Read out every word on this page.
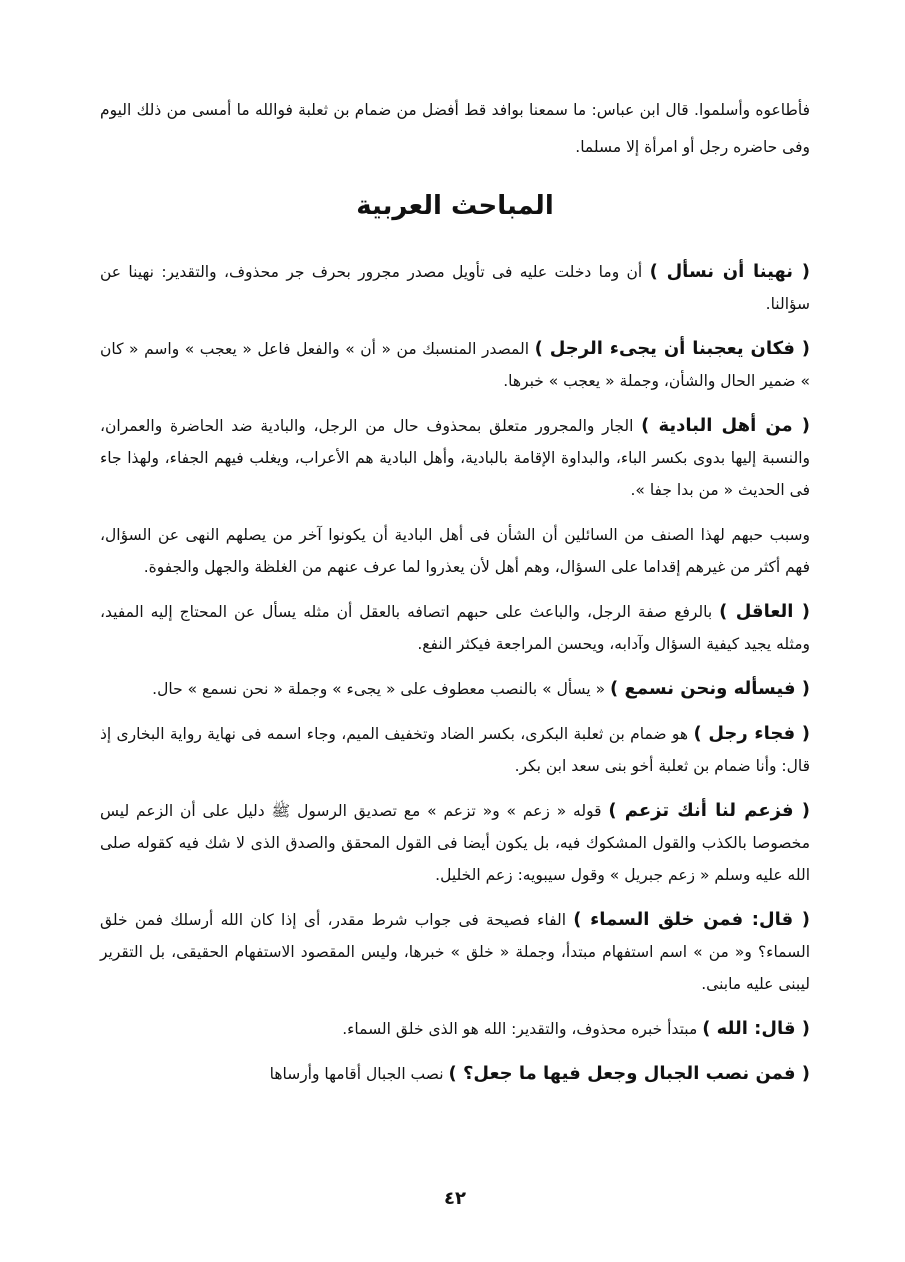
فأطاعوه وأسلموا. قال ابن عباس: ما سمعنا بوافد قط أفضل من ضمام بن ثعلبة فوالله ما أمسى من ذلك اليوم وفى حاضره رجل أو امرأة إلا مسلما.

المباحث العربية

( نهينا أن نسأل ) أن وما دخلت عليه فى تأويل مصدر مجرور بحرف جر محذوف، والتقدير: نهينا عن سؤالنا.

( فكان يعجبنا أن يجىء الرجل ) المصدر المنسبك من « أن » والفعل فاعل « يعجب » واسم « كان » ضمير الحال والشأن، وجملة « يعجب » خبرها.

( من أهل البادية ) الجار والمجرور متعلق بمحذوف حال من الرجل، والبادية ضد الحاضرة والعمران، والنسبة إليها بدوى بكسر الباء، والبداوة الإقامة بالبادية، وأهل البادية هم الأعراب، ويغلب فيهم الجفاء، ولهذا جاء فى الحديث « من بدا جفا ».

وسبب حبهم لهذا الصنف من السائلين أن الشأن فى أهل البادية أن يكونوا آخر من يصلهم النهى عن السؤال، فهم أكثر من غيرهم إقداما على السؤال، وهم أهل لأن يعذروا لما عرف عنهم من الغلظة والجهل والجفوة.

( العاقل ) بالرفع صفة الرجل، والباعث على حبهم اتصافه بالعقل أن مثله يسأل عن المحتاج إليه المفيد، ومثله يجيد كيفية السؤال وآدابه، ويحسن المراجعة فيكثر النفع.

( فيسأله ونحن نسمع ) « يسأل » بالنصب معطوف على « يجىء » وجملة « نحن نسمع » حال.

( فجاء رجل ) هو ضمام بن ثعلبة البكرى، بكسر الضاد وتخفيف الميم، وجاء اسمه فى نهاية رواية البخارى إذ قال: وأنا ضمام بن ثعلبة أخو بنى سعد ابن بكر.

( فزعم لنا أنك تزعم ) قوله « زعم » و« تزعم » مع تصديق الرسول ﷺ دليل على أن الزعم ليس مخصوصا بالكذب والقول المشكوك فيه، بل يكون أيضا فى القول المحقق والصدق الذى لا شك فيه كقوله صلى الله عليه وسلم « زعم جبريل » وقول سيبويه: زعم الخليل.

( قال: فمن خلق السماء ) الفاء فصيحة فى جواب شرط مقدر، أى إذا كان الله أرسلك فمن خلق السماء؟ و« من » اسم استفهام مبتدأ، وجملة « خلق » خبرها، وليس المقصود الاستفهام الحقيقى، بل التقرير ليبنى عليه مابنى.

( قال: الله ) مبتدأ خبره محذوف، والتقدير: الله هو الذى خلق السماء.

( فمن نصب الجبال وجعل فيها ما جعل؟ ) نصب الجبال أقامها وأرساها

٤٢
